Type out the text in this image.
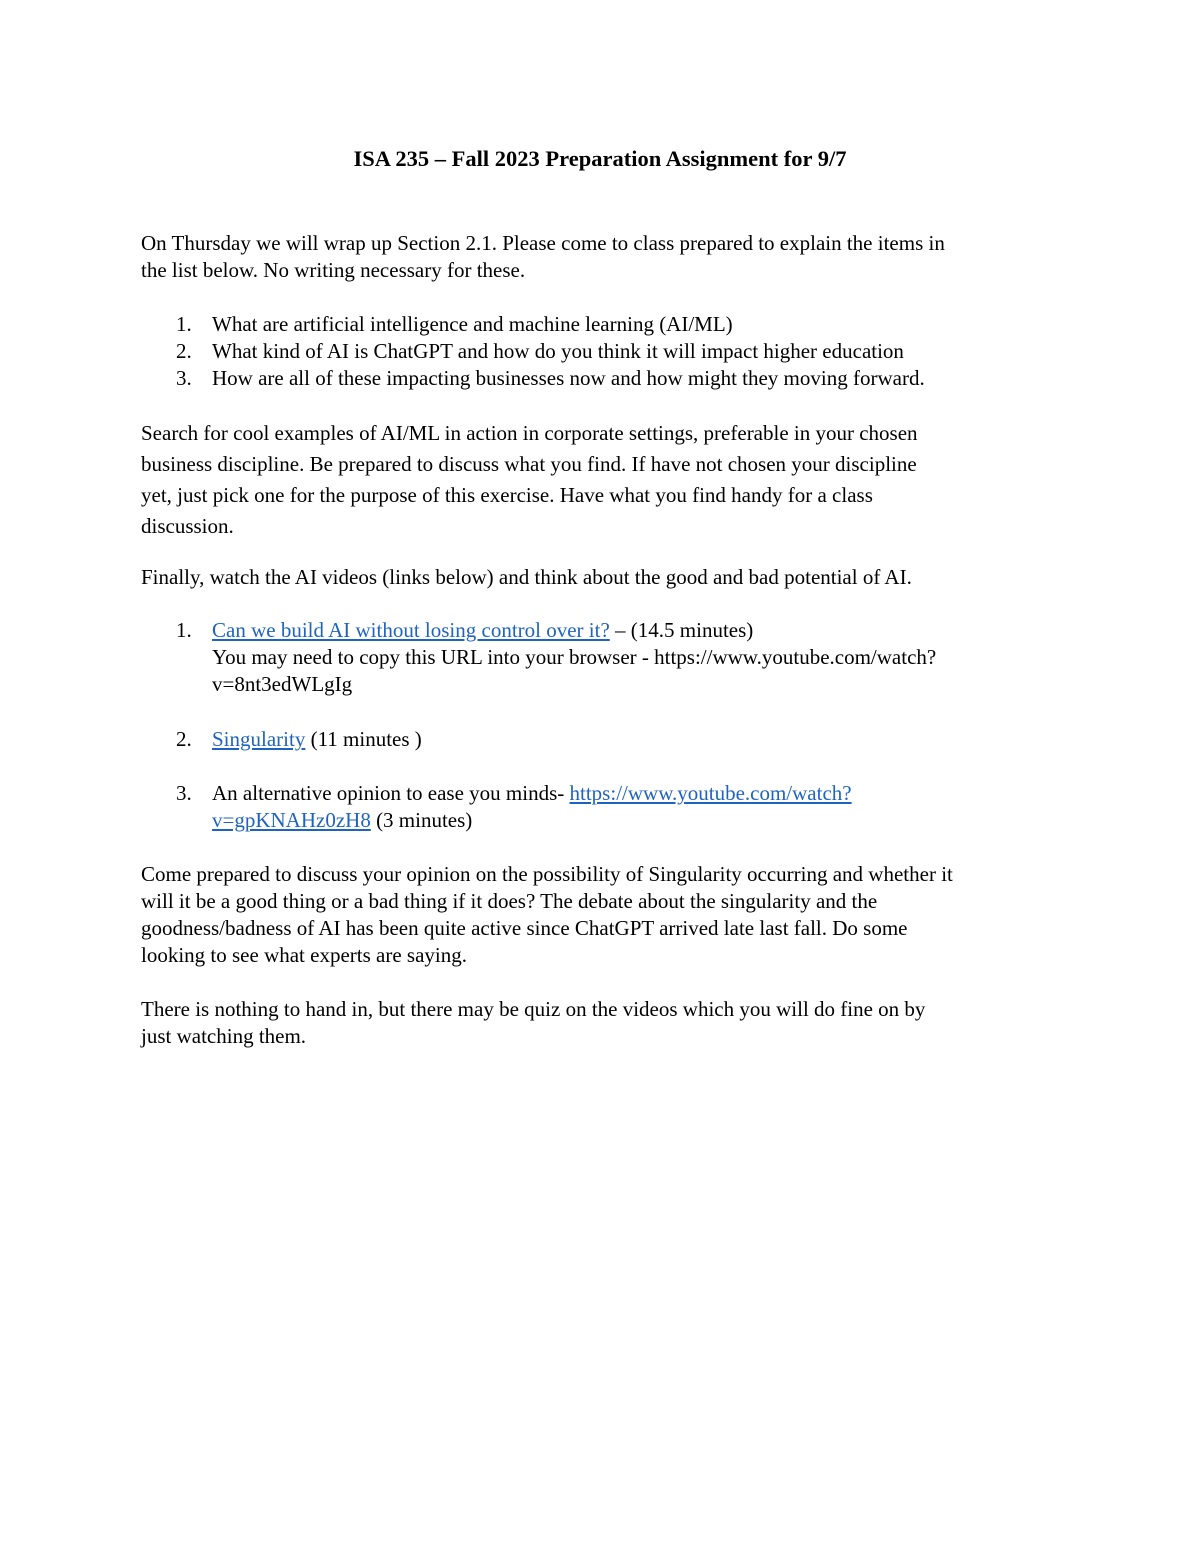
ISA 235 – Fall 2023 Preparation Assignment for 9/7

On Thursday we will wrap up Section 2.1. Please come to class prepared to explain the items in
the list below. No writing necessary for these.

1. What are artificial intelligence and machine learning (AI/ML)
2. What kind of AI is ChatGPT and how do you think it will impact higher education
3. How are all of these impacting businesses now and how might they moving forward.

Search for cool examples of AI/ML in action in corporate settings, preferable in your chosen
business discipline. Be prepared to discuss what you find. If have not chosen your discipline
yet, just pick one for the purpose of this exercise. Have what you find handy for a class
discussion.

Finally, watch the AI videos (links below) and think about the good and bad potential of AI.

1. Can we build AI without losing control over it? – (14.5 minutes)
You may need to copy this URL into your browser - https://www.youtube.com/watch?
v=8nt3edWLgIg
2. Singularity (11 minutes )
3. An alternative opinion to ease you minds- https://www.youtube.com/watch?
v=gpKNAHz0zH8 (3 minutes)

Come prepared to discuss your opinion on the possibility of Singularity occurring and whether it
will it be a good thing or a bad thing if it does? The debate about the singularity and the
goodness/badness of AI has been quite active since ChatGPT arrived late last fall. Do some
looking to see what experts are saying.

There is nothing to hand in, but there may be quiz on the videos which you will do fine on by
just watching them.
